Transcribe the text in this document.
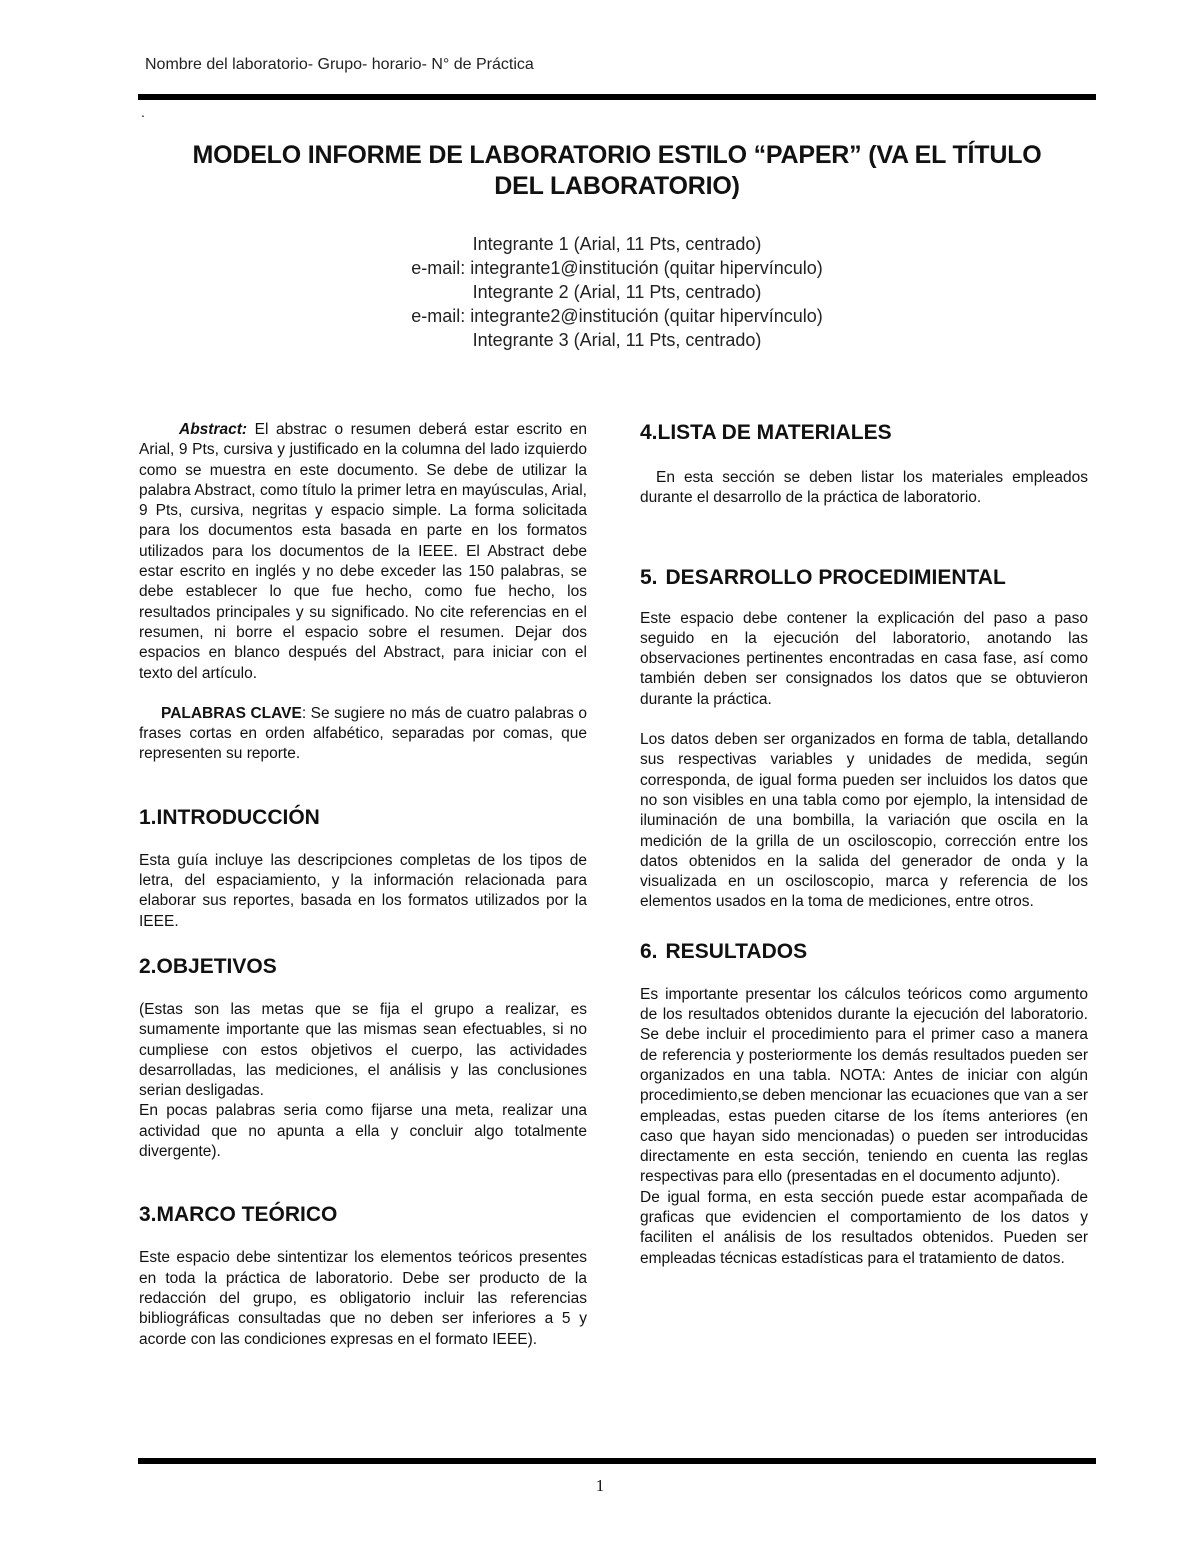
Nombre del laboratorio- Grupo- horario- N° de Práctica
.
MODELO INFORME DE LABORATORIO ESTILO “PAPER” (VA EL TÍTULO
DEL LABORATORIO)
Integrante 1 (Arial, 11 Pts, centrado)
e-mail: integrante1@institución (quitar hipervínculo)
Integrante 2 (Arial, 11 Pts, centrado)
e-mail: integrante2@institución (quitar hipervínculo)
Integrante 3 (Arial, 11 Pts, centrado)

Abstract: El abstrac o resumen deberá estar escrito en Arial, 9 Pts, cursiva y justificado en la columna del lado izquierdo como se muestra en este documento. Se debe de utilizar la palabra Abstract, como título la primer letra en mayúsculas, Arial, 9 Pts, cursiva, negritas y espacio simple. La forma solicitada para los documentos esta basada en parte en los formatos utilizados para los documentos de la IEEE. El Abstract debe estar escrito en inglés y no debe exceder las 150 palabras, se debe establecer lo que fue hecho, como fue hecho, los resultados principales y su significado. No cite referencias en el resumen, ni borre el espacio sobre el resumen. Dejar dos espacios en blanco después del Abstract, para iniciar con el texto del artículo.

PALABRAS CLAVE: Se sugiere no más de cuatro palabras o frases cortas en orden alfabético, separadas por comas, que representen su reporte.

1.INTRODUCCIÓN

Esta guía incluye las descripciones completas de los tipos de letra, del espaciamiento, y la información relacionada para elaborar sus reportes, basada en los formatos utilizados por la IEEE.

2.OBJETIVOS

(Estas son las metas que se fija el grupo a realizar, es sumamente importante que las mismas sean efectuables, si no cumpliese con estos objetivos el cuerpo, las actividades desarrolladas, las mediciones, el análisis y las conclusiones serian desligadas.

En pocas palabras seria como fijarse una meta, realizar una actividad que no apunta a ella y concluir algo totalmente divergente).

3.MARCO TEÓRICO

Este espacio debe sintentizar los elementos teóricos presentes en toda la práctica de laboratorio. Debe ser producto de la redacción del grupo, es obligatorio incluir las referencias bibliográficas consultadas que no deben ser inferiores a 5 y acorde con las condiciones expresas en el formato IEEE).

4.LISTA DE MATERIALES

En esta sección se deben listar los materiales empleados durante el desarrollo de la práctica de laboratorio.

5. DESARROLLO PROCEDIMIENTAL

Este espacio debe contener la explicación del paso a paso seguido en la ejecución del laboratorio, anotando las observaciones pertinentes encontradas en casa fase, así como también deben ser consignados los datos que se obtuvieron durante la práctica.

Los datos deben ser organizados en forma de tabla, detallando sus respectivas variables y unidades de medida, según corresponda, de igual forma pueden ser incluidos los datos que no son visibles en una tabla como por ejemplo, la intensidad de iluminación de una bombilla, la variación que oscila en la medición de la grilla de un osciloscopio, corrección entre los datos obtenidos en la salida del generador de onda y la visualizada en un osciloscopio, marca y referencia de los elementos usados en la toma de mediciones, entre otros.

6. RESULTADOS

Es importante presentar los cálculos teóricos como argumento de los resultados obtenidos durante la ejecución del laboratorio. Se debe incluir el procedimiento para el primer caso a manera de referencia y posteriormente los demás resultados pueden ser organizados en una tabla. NOTA: Antes de iniciar con algún procedimiento,se deben mencionar las ecuaciones que van a ser empleadas, estas pueden citarse de los ítems anteriores (en caso que hayan sido mencionadas) o pueden ser introducidas directamente en esta sección, teniendo en cuenta las reglas respectivas para ello (presentadas en el documento adjunto).

De igual forma, en esta sección puede estar acompañada de graficas que evidencien el comportamiento de los datos y faciliten el análisis de los resultados obtenidos. Pueden ser empleadas técnicas estadísticas para el tratamiento de datos.

1
